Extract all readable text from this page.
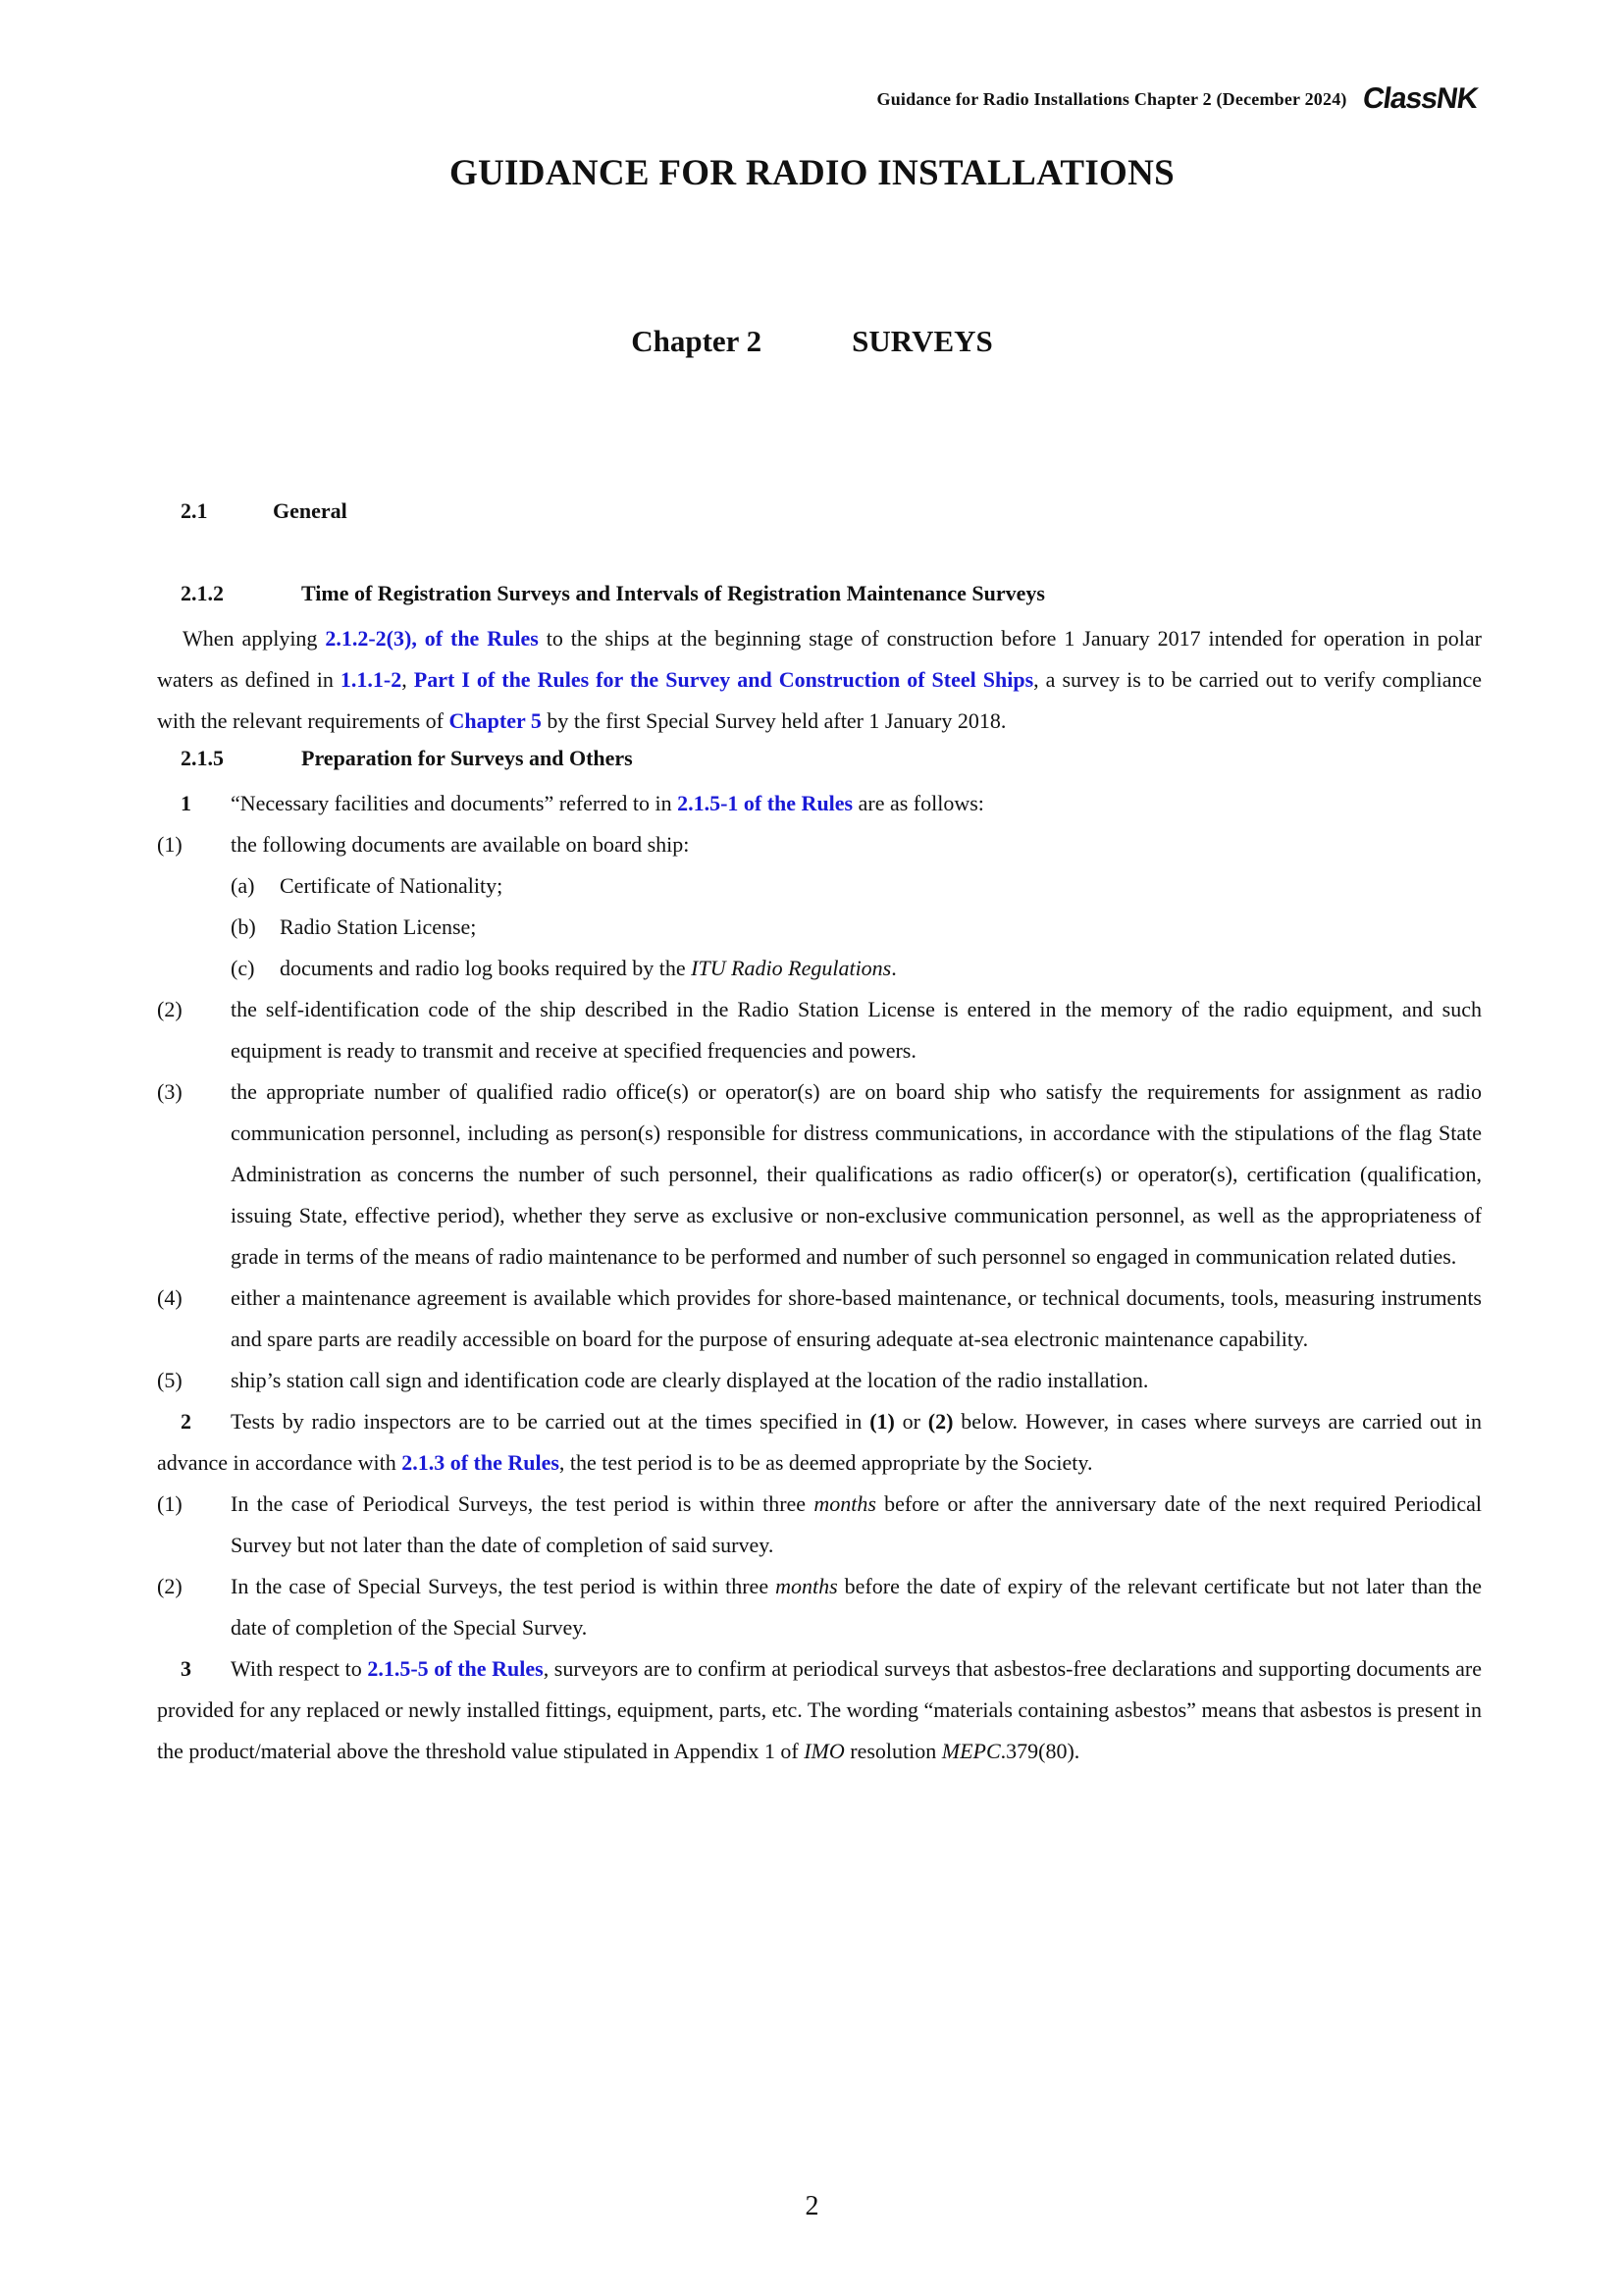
Guidance for Radio Installations Chapter 2 (December 2024) ClassNK
GUIDANCE FOR RADIO INSTALLATIONS
Chapter 2	SURVEYS
2.1	General
2.1.2	Time of Registration Surveys and Intervals of Registration Maintenance Surveys
When applying 2.1.2-2(3), of the Rules to the ships at the beginning stage of construction before 1 January 2017 intended for operation in polar waters as defined in 1.1.1-2, Part I of the Rules for the Survey and Construction of Steel Ships, a survey is to be carried out to verify compliance with the relevant requirements of Chapter 5 by the first Special Survey held after 1 January 2018.
2.1.5	Preparation for Surveys and Others
1 “Necessary facilities and documents” referred to in 2.1.5-1 of the Rules are as follows:
(1) the following documents are available on board ship:
(a) Certificate of Nationality;
(b) Radio Station License;
(c) documents and radio log books required by the ITU Radio Regulations.
(2) the self-identification code of the ship described in the Radio Station License is entered in the memory of the radio equipment, and such equipment is ready to transmit and receive at specified frequencies and powers.
(3) the appropriate number of qualified radio office(s) or operator(s) are on board ship who satisfy the requirements for assignment as radio communication personnel, including as person(s) responsible for distress communications, in accordance with the stipulations of the flag State Administration as concerns the number of such personnel, their qualifications as radio officer(s) or operator(s), certification (qualification, issuing State, effective period), whether they serve as exclusive or non-exclusive communication personnel, as well as the appropriateness of grade in terms of the means of radio maintenance to be performed and number of such personnel so engaged in communication related duties.
(4) either a maintenance agreement is available which provides for shore-based maintenance, or technical documents, tools, measuring instruments and spare parts are readily accessible on board for the purpose of ensuring adequate at-sea electronic maintenance capability.
(5) ship’s station call sign and identification code are clearly displayed at the location of the radio installation.
2 Tests by radio inspectors are to be carried out at the times specified in (1) or (2) below. However, in cases where surveys are carried out in advance in accordance with 2.1.3 of the Rules, the test period is to be as deemed appropriate by the Society.
(1) In the case of Periodical Surveys, the test period is within three months before or after the anniversary date of the next required Periodical Survey but not later than the date of completion of said survey.
(2) In the case of Special Surveys, the test period is within three months before the date of expiry of the relevant certificate but not later than the date of completion of the Special Survey.
3 With respect to 2.1.5-5 of the Rules, surveyors are to confirm at periodical surveys that asbestos-free declarations and supporting documents are provided for any replaced or newly installed fittings, equipment, parts, etc. The wording “materials containing asbestos” means that asbestos is present in the product/material above the threshold value stipulated in Appendix 1 of IMO resolution MEPC.379(80).
2
